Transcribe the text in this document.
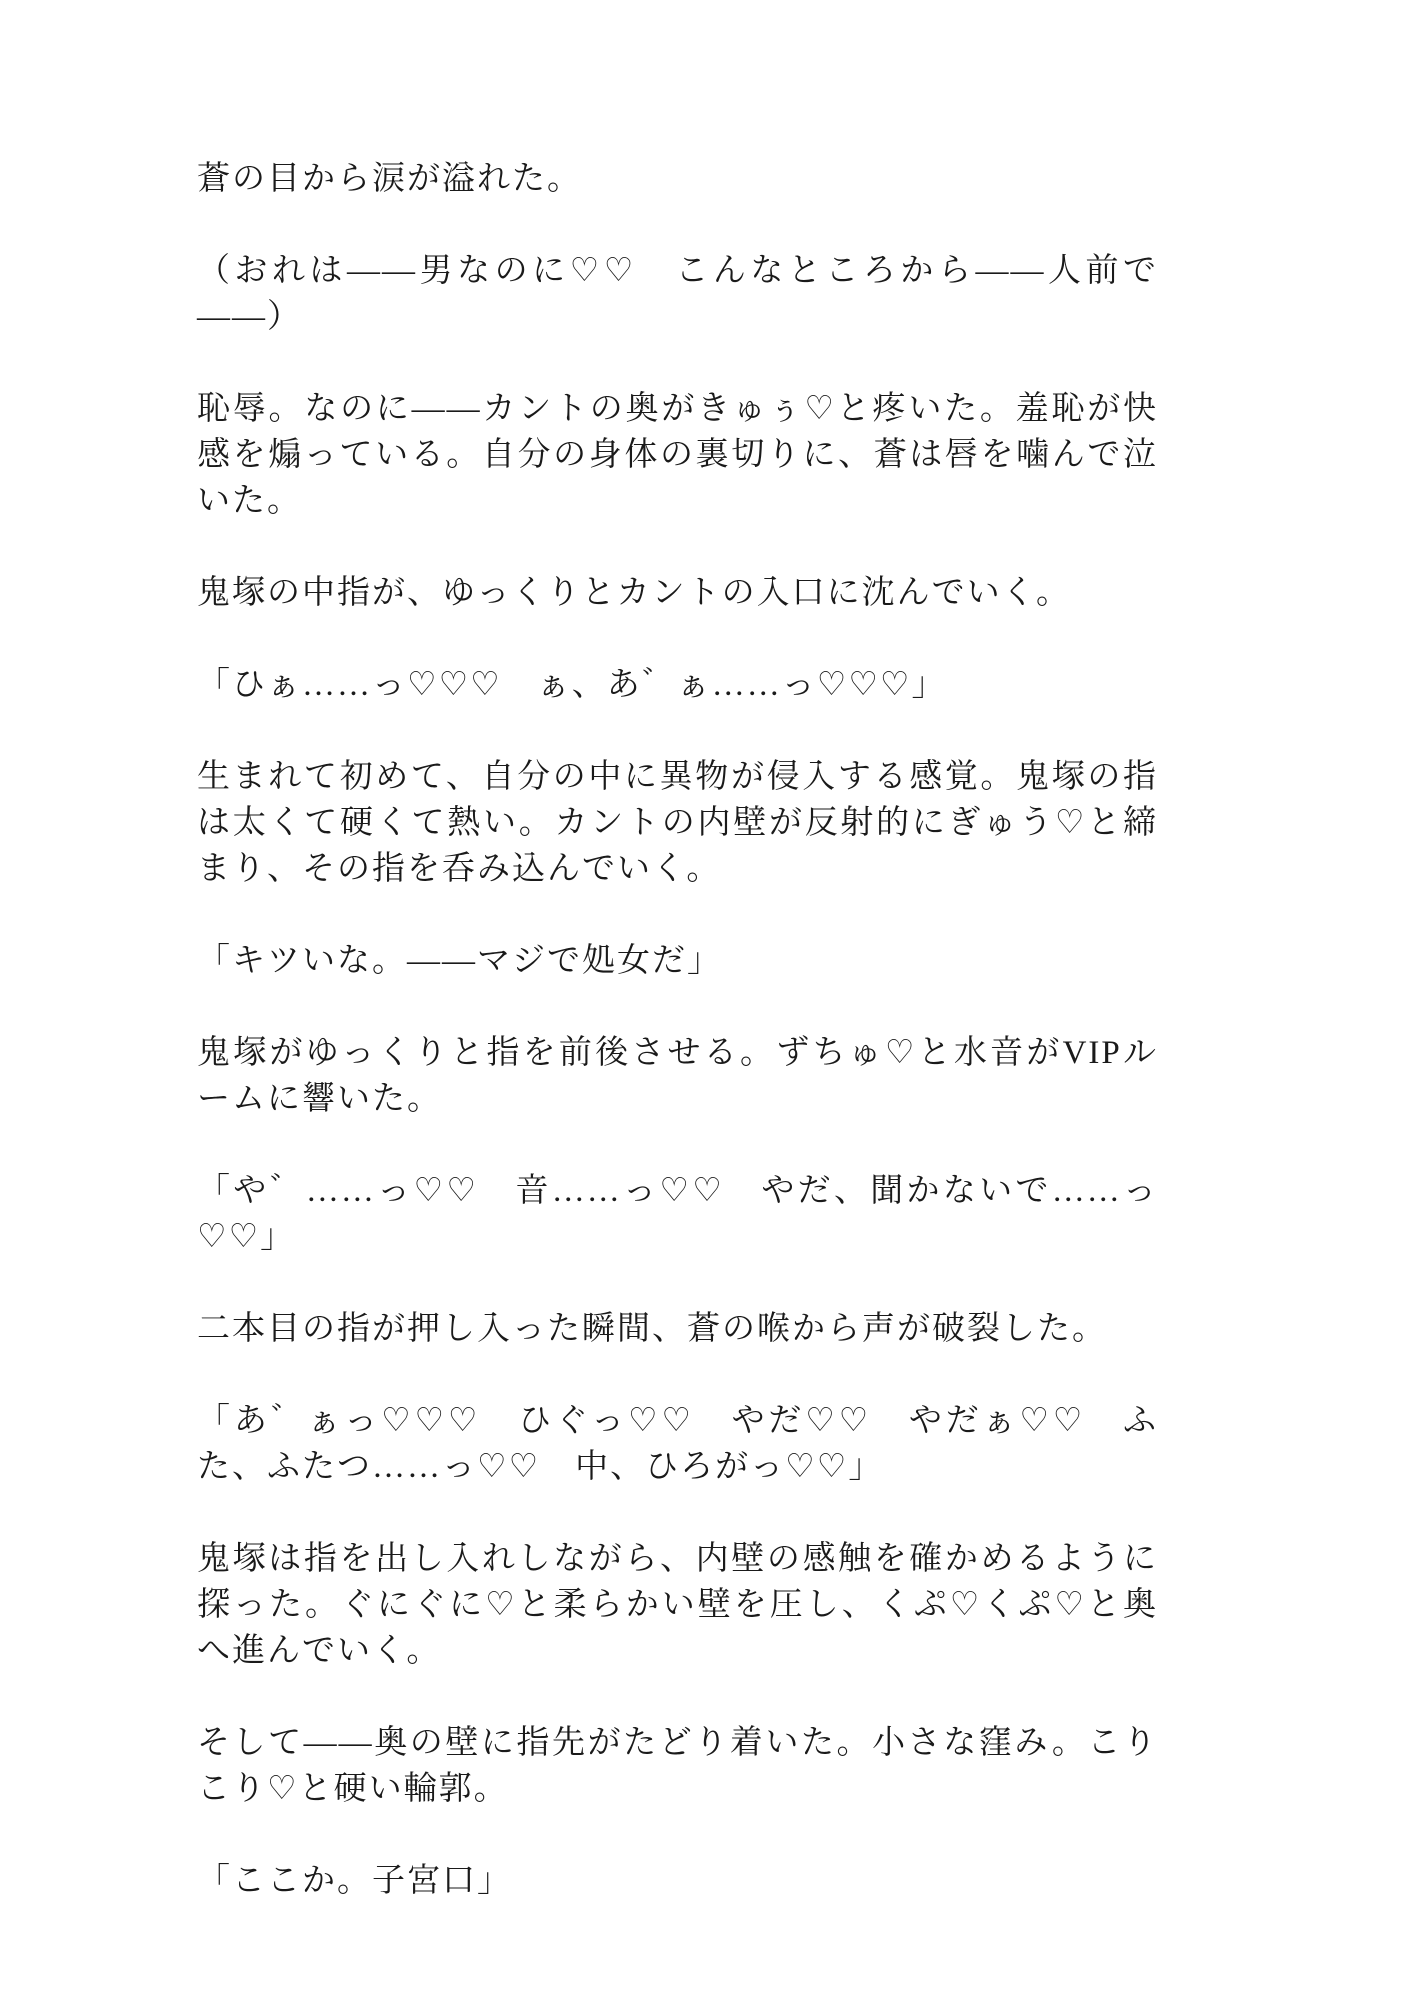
蒼の目から涙が溢れた。

（おれは——男なのに♡♡　こんなところから——人前で——）

恥辱。なのに——カントの奥がきゅぅ♡と疼いた。羞恥が快感を煽っている。自分の身体の裏切りに、蒼は唇を噛んで泣いた。

鬼塚の中指が、ゆっくりとカントの入口に沈んでいく。

「ひぁ……っ♡♡♡　ぁ、あ゛ぁ……っ♡♡♡」

生まれて初めて、自分の中に異物が侵入する感覚。鬼塚の指は太くて硬くて熱い。カントの内壁が反射的にぎゅう♡と締まり、その指を呑み込んでいく。

「キツいな。——マジで処女だ」

鬼塚がゆっくりと指を前後させる。ずちゅ♡と水音がVIPルームに響いた。

「や゛……っ♡♡　音……っ♡♡　やだ、聞かないで……っ♡♡」

二本目の指が押し入った瞬間、蒼の喉から声が破裂した。

「あ゛ぁっ♡♡♡　ひぐっ♡♡　やだ♡♡　やだぁ♡♡　ふた、ふたつ……っ♡♡　中、ひろがっ♡♡」

鬼塚は指を出し入れしながら、内壁の感触を確かめるように探った。ぐにぐに♡と柔らかい壁を圧し、くぷ♡くぷ♡と奥へ進んでいく。

そして——奥の壁に指先がたどり着いた。小さな窪み。こりこり♡と硬い輪郭。

「ここか。子宮口」
